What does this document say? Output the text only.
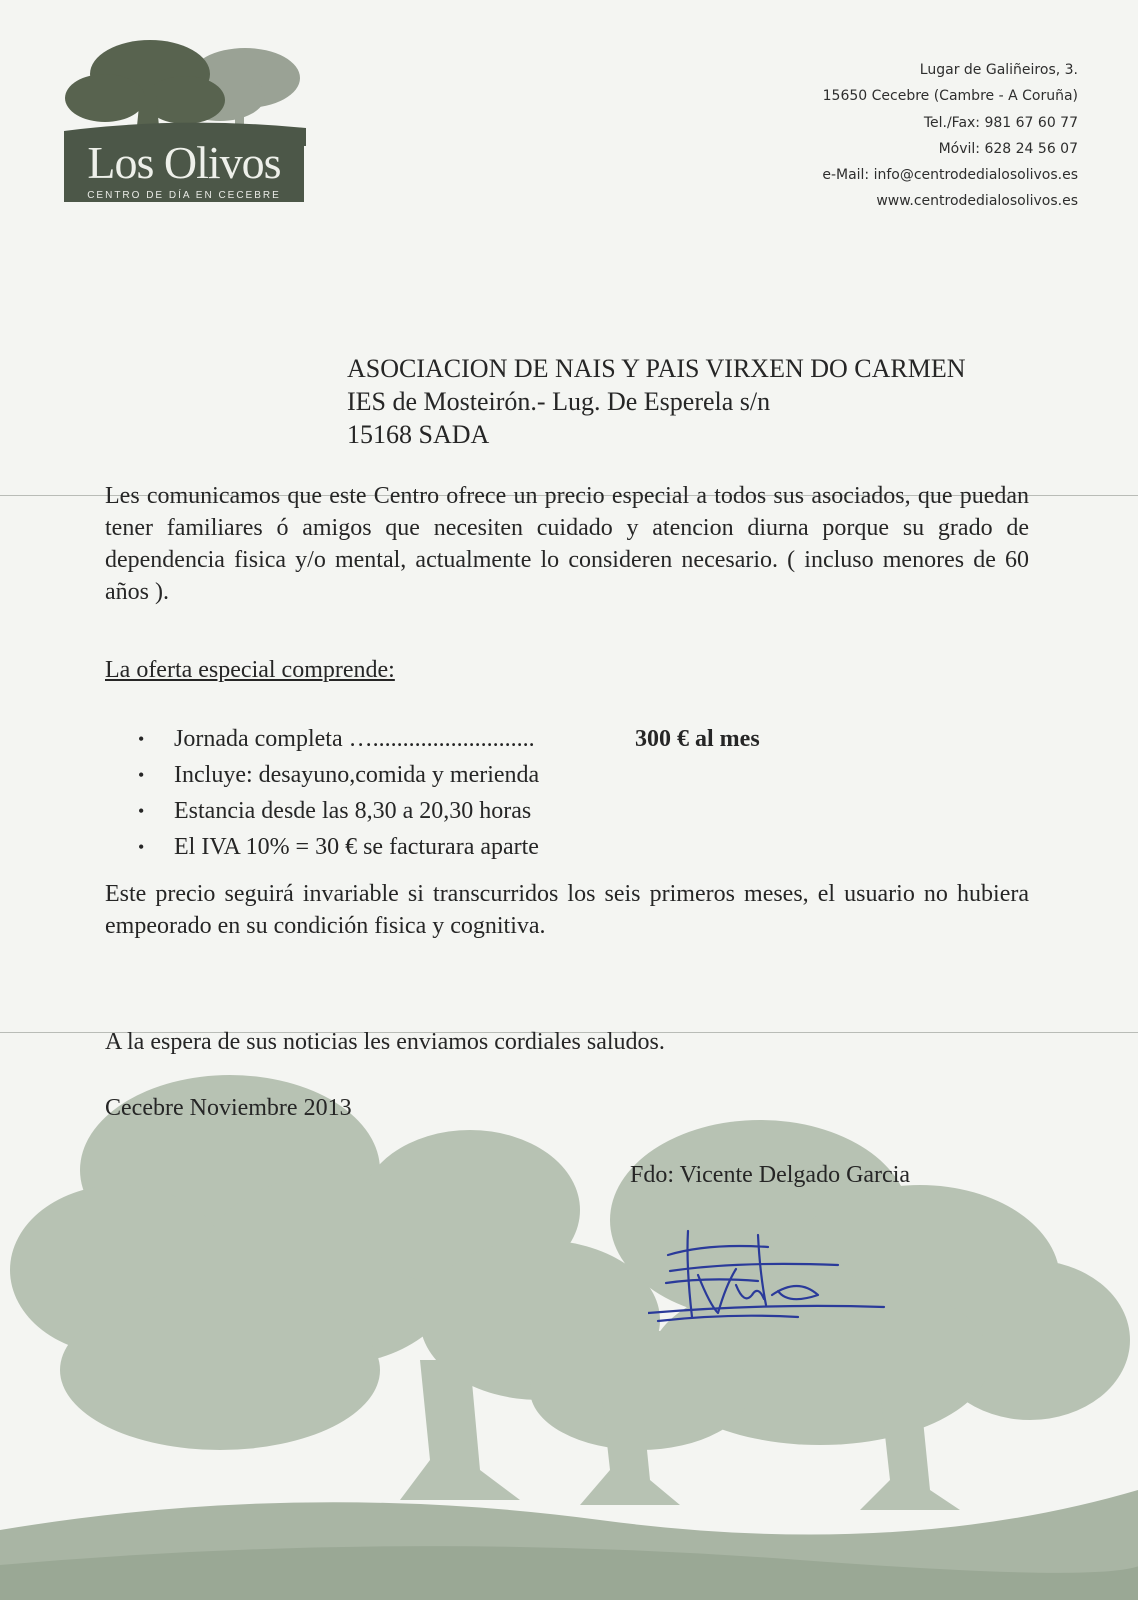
Los Olivos
CENTRO DE DÍA EN CECEBRE
Lugar de Galiñeiros, 3.
15650 Cecebre (Cambre - A Coruña)
Tel./Fax: 981 67 60 77
Móvil: 628 24 56 07
e-Mail: info@centrodedialosolivos.es
www.centrodedialosolivos.es
ASOCIACION DE NAIS Y PAIS VIRXEN DO CARMEN
IES de Mosteirón.- Lug. De Esperela s/n
15168 SADA

Les comunicamos que este Centro ofrece un precio especial a todos sus asociados, que puedan tener familiares ó amigos que necesiten cuidado y atencion diurna porque su grado de dependencia fisica y/o mental, actualmente lo consideren necesario. ( incluso menores de 60 años ).

La oferta especial comprende:
• Jornada completa …...........................	300 € al mes
• Incluye: desayuno,comida y merienda
• Estancia desde las 8,30 a 20,30 horas
• El IVA 10% = 30 € se facturara aparte

Este precio seguirá invariable si transcurridos los seis primeros meses, el usuario no hubiera empeorado en su condición fisica y cognitiva.

A la espera de sus noticias les enviamos cordiales saludos.
Cecebre Noviembre 2013
Fdo: Vicente Delgado Garcia
